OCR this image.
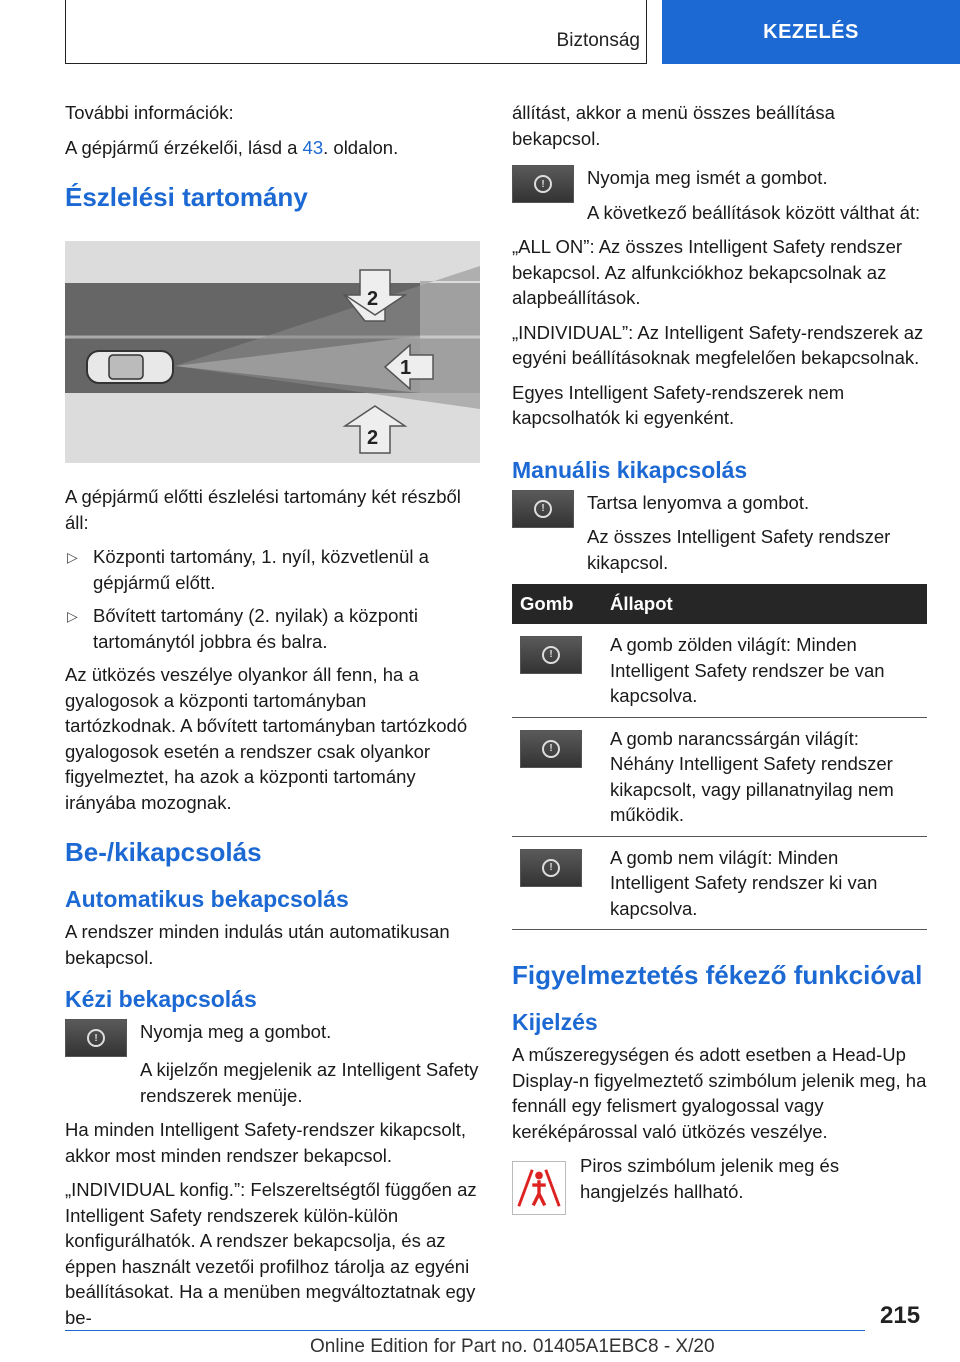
Biztonság	KEZELÉS

További információk:

A gépjármű érzékelői, lásd a 43. oldalon.

Észlelési tartomány
2
1
2

A gépjármű előtti észlelési tartomány két részből áll:

▷ Központi tartomány, 1. nyíl, közvetlenül a gépjármű előtt.
▷ Bővített tartomány (2. nyilak) a központi tartománytól jobbra és balra.

Az ütközés veszélye olyankor áll fenn, ha a gyalogosok a központi tartományban tartózkodnak. A bővített tartományban tartózkodó gyalogosok esetén a rendszer csak olyankor figyelmeztet, ha azok a központi tartomány irányába mozognak.

Be-/kikapcsolás
Automatikus bekapcsolás

A rendszer minden indulás után automatikusan bekapcsol.

Kézi bekapcsolás
!	Nyomja meg a gombot.

A kijelzőn megjelenik az Intelligent Safety rendszerek menüje.

Ha minden Intelligent Safety-rendszer kikapcsolt, akkor most minden rendszer bekapcsol.

„INDIVIDUAL konfig.”: Felszereltségtől függően az Intelligent Safety rendszerek külön-külön konfigurálhatók. A rendszer bekapcsolja, és az éppen használt vezetői profilhoz tárolja az egyéni beállításokat. Ha a menüben megváltoztatnak egy be-

állítást, akkor a menü összes beállítása bekapcsol.

!	Nyomja meg ismét a gombot.

A következő beállítások között válthat át:

„ALL ON”: Az összes Intelligent Safety rendszer bekapcsol. Az alfunkciókhoz bekapcsolnak az alapbeállítások.

„INDIVIDUAL”: Az Intelligent Safety-rendszerek az egyéni beállításoknak megfelelően bekapcsolnak.

Egyes Intelligent Safety-rendszerek nem kapcsolhatók ki egyenként.

Manuális kikapcsolás
!	Tartsa lenyomva a gombot.

Az összes Intelligent Safety rendszer kikapcsol.

Gomb	Állapot

!	A gomb zölden világít: Minden Intelligent Safety rendszer be van kapcsolva.

!	A gomb narancssárgán világít: Néhány Intelligent Safety rendszer kikapcsolt, vagy pillanatnyilag nem működik.

!	A gomb nem világít: Minden Intelligent Safety rendszer ki van kapcsolva.
Figyelmeztetés fékező funkcióval
Kijelzés

A műszeregységen és adott esetben a Head-Up Display-n figyelmeztető szimbólum jelenik meg, ha fennáll egy felismert gyalogossal vagy keréképárossal való ütközés veszélye.

Piros szimbólum jelenik meg és hangjelzés hallható.

215
Online Edition for Part no. 01405A1EBC8 - X/20
